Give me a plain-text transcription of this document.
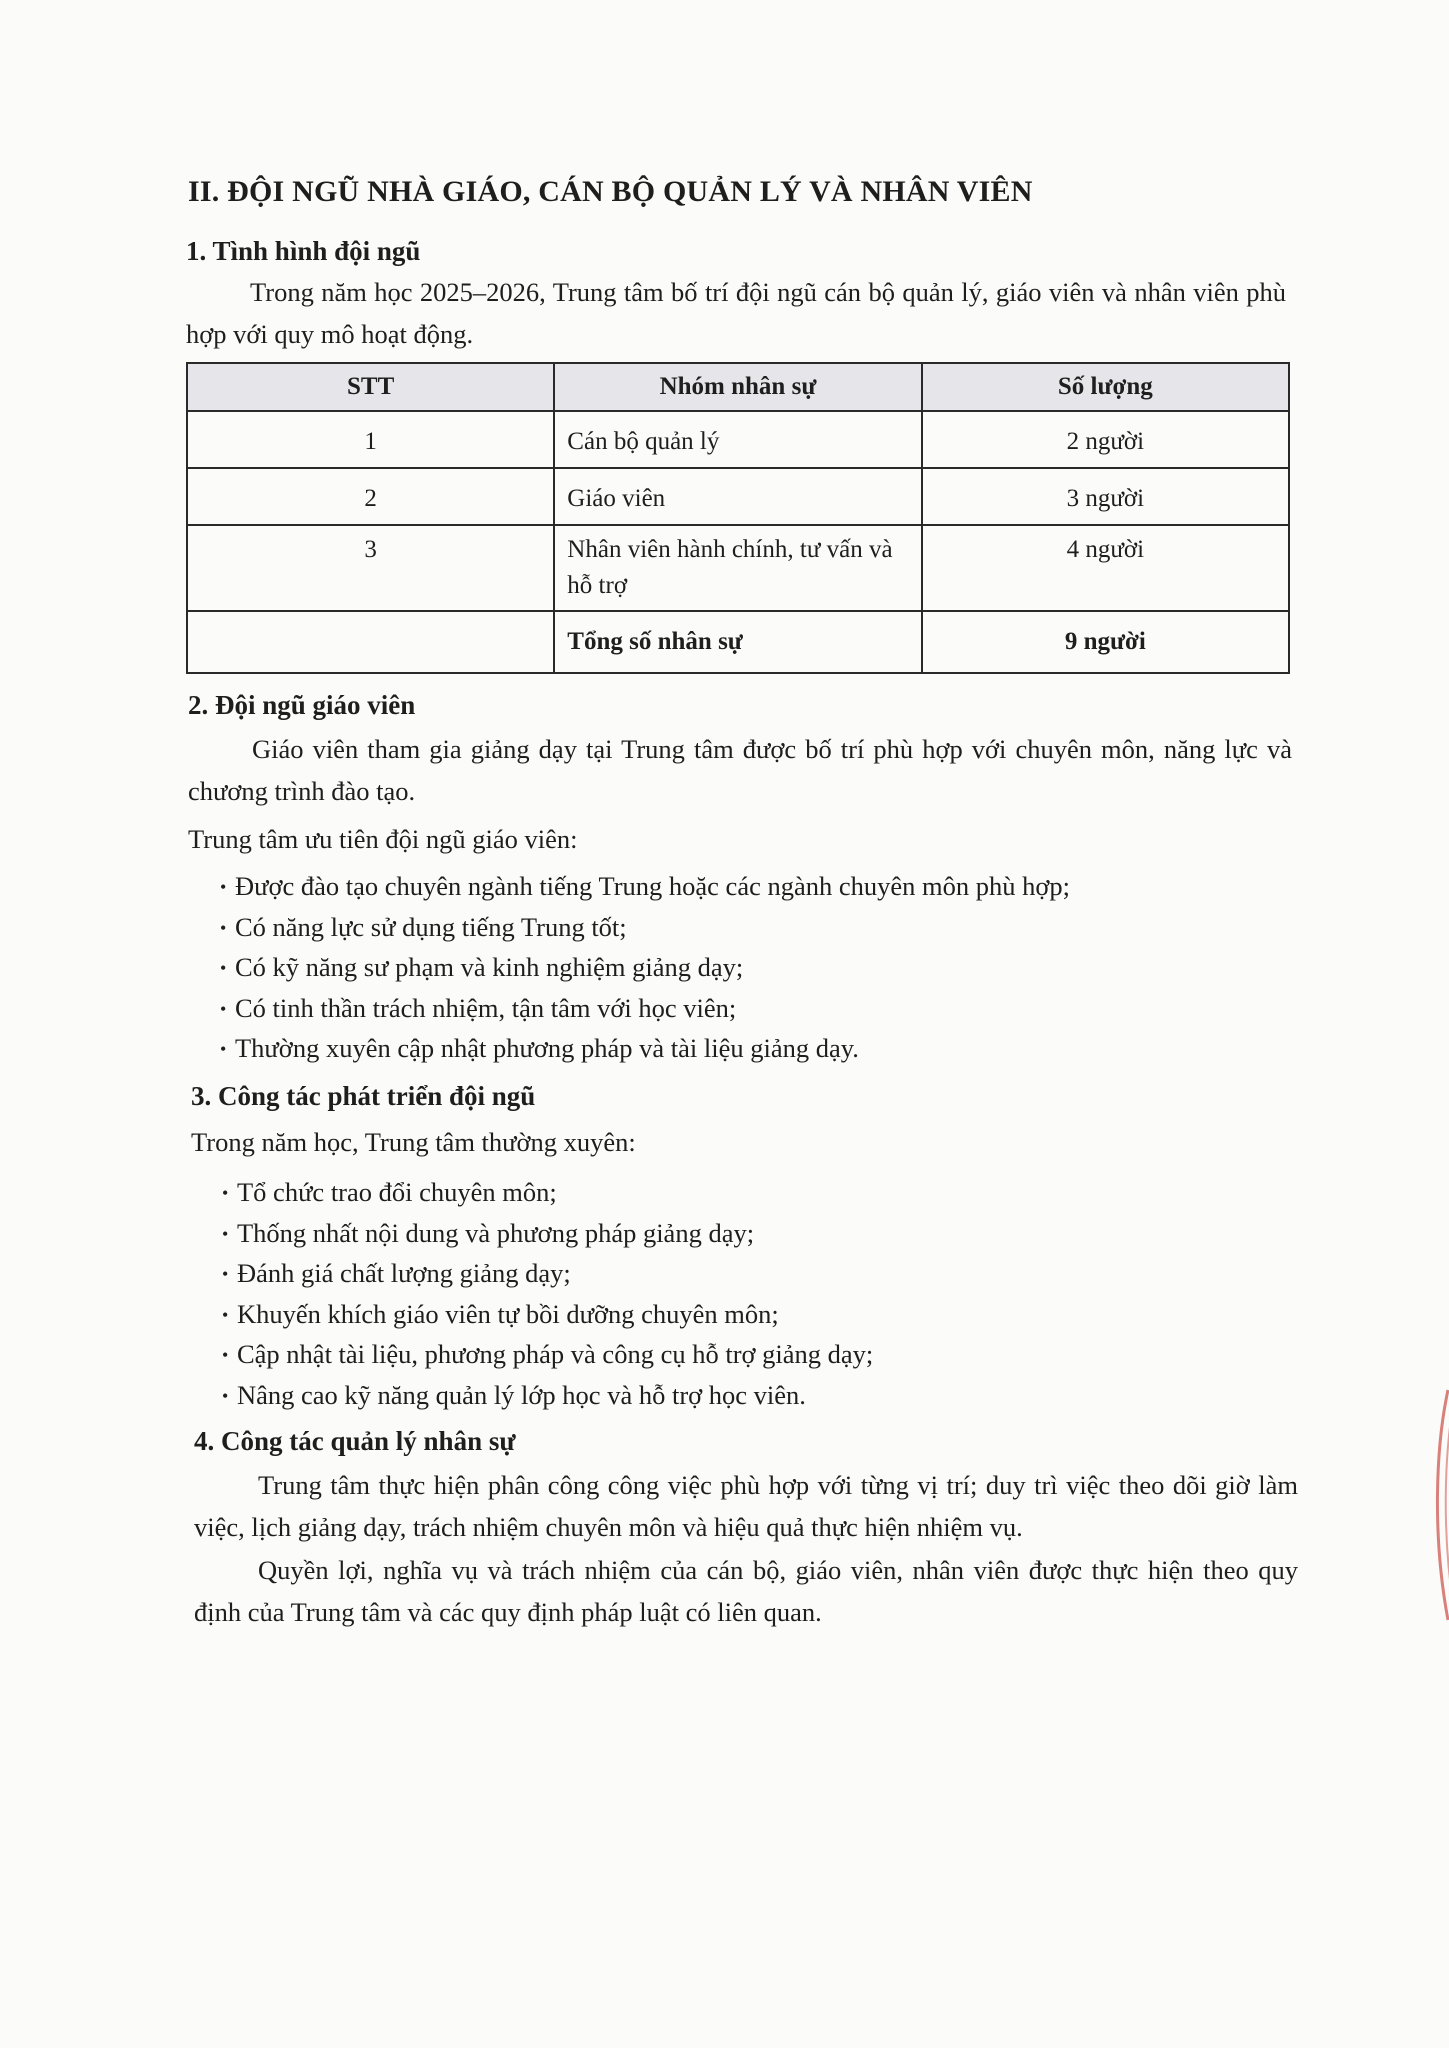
II. ĐỘI NGŨ NHÀ GIÁO, CÁN BỘ QUẢN LÝ VÀ NHÂN VIÊN
1. Tình hình đội ngũ

Trong năm học 2025–2026, Trung tâm bố trí đội ngũ cán bộ quản lý, giáo viên và nhân viên phù hợp với quy mô hoạt động.

STT	Nhóm nhân sự	Số lượng
1	Cán bộ quản lý	2 người
2	Giáo viên	3 người
3	Nhân viên hành chính, tư vấn và hỗ trợ	4 người
	Tổng số nhân sự	9 người
2. Đội ngũ giáo viên

Giáo viên tham gia giảng dạy tại Trung tâm được bố trí phù hợp với chuyên môn, năng lực và chương trình đào tạo.

Trung tâm ưu tiên đội ngũ giáo viên:

• Được đào tạo chuyên ngành tiếng Trung hoặc các ngành chuyên môn phù hợp;
• Có năng lực sử dụng tiếng Trung tốt;
• Có kỹ năng sư phạm và kinh nghiệm giảng dạy;
• Có tinh thần trách nhiệm, tận tâm với học viên;
• Thường xuyên cập nhật phương pháp và tài liệu giảng dạy.
3. Công tác phát triển đội ngũ

Trong năm học, Trung tâm thường xuyên:

• Tổ chức trao đổi chuyên môn;
• Thống nhất nội dung và phương pháp giảng dạy;
• Đánh giá chất lượng giảng dạy;
• Khuyến khích giáo viên tự bồi dưỡng chuyên môn;
• Cập nhật tài liệu, phương pháp và công cụ hỗ trợ giảng dạy;
• Nâng cao kỹ năng quản lý lớp học và hỗ trợ học viên.
4. Công tác quản lý nhân sự

Trung tâm thực hiện phân công công việc phù hợp với từng vị trí; duy trì việc theo dõi giờ làm việc, lịch giảng dạy, trách nhiệm chuyên môn và hiệu quả thực hiện nhiệm vụ.

Quyền lợi, nghĩa vụ và trách nhiệm của cán bộ, giáo viên, nhân viên được thực hiện theo quy định của Trung tâm và các quy định pháp luật có liên quan.
